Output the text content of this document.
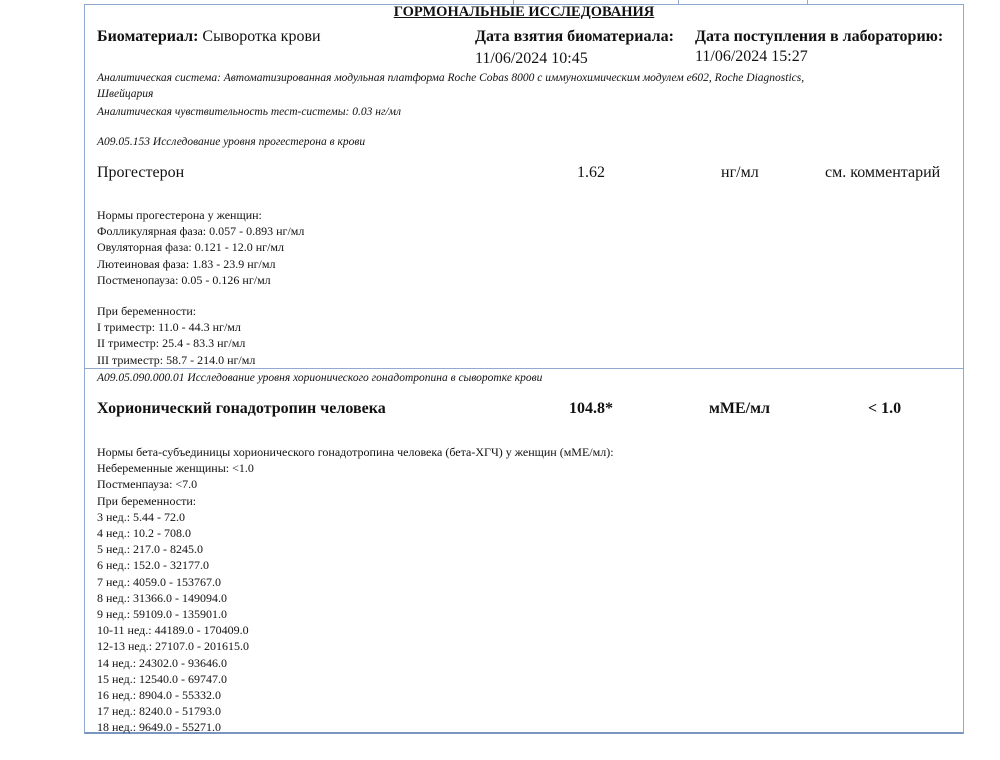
ГОРМОНАЛЬНЫЕ ИССЛЕДОВАНИЯ
Биоматериал: Сыворотка крови	Дата взятия биоматериала:
11/06/2024 10:45
Дата поступления в лабораторию:
11/06/2024 15:27
Аналитическая система: Автоматизированная модульная платформа Roche Cobas 8000 с иммунохимическим модулем e602, Roche Diagnostics,
Швейцария
Аналитическая чувствительность тест-системы: 0.03 нг/мл
A09.05.153 Исследование уровня прогестерона в крови
Прогестерон	1.62	нг/мл	см. комментарий
Нормы прогестерона у женщин:
Фолликулярная фаза: 0.057 - 0.893 нг/мл
Овуляторная фаза: 0.121 - 12.0 нг/мл
Лютеиновая фаза: 1.83 - 23.9 нг/мл
Постменопауза: 0.05 - 0.126 нг/мл
При беременности:
I триместр: 11.0 - 44.3 нг/мл
II триместр: 25.4 - 83.3 нг/мл
III триместр: 58.7 - 214.0 нг/мл
A09.05.090.000.01 Исследование уровня хорионического гонадотропина в сыворотке крови
Хорионический гонадотропин человека	104.8*	мМЕ/мл	< 1.0
Нормы бета-субъединицы хорионического гонадотропина человека (бета-ХГЧ) у женщин (мМЕ/мл):
Небеременные женщины: <1.0
Постменпауза: <7.0
При беременности:
3 нед.: 5.44 - 72.0
4 нед.: 10.2 - 708.0
5 нед.: 217.0 - 8245.0
6 нед.: 152.0 - 32177.0
7 нед.: 4059.0 - 153767.0
8 нед.: 31366.0 - 149094.0
9 нед.: 59109.0 - 135901.0
10-11 нед.: 44189.0 - 170409.0
12-13 нед.: 27107.0 - 201615.0
14 нед.: 24302.0 - 93646.0
15 нед.: 12540.0 - 69747.0
16 нед.: 8904.0 - 55332.0
17 нед.: 8240.0 - 51793.0
18 нед.: 9649.0 - 55271.0
